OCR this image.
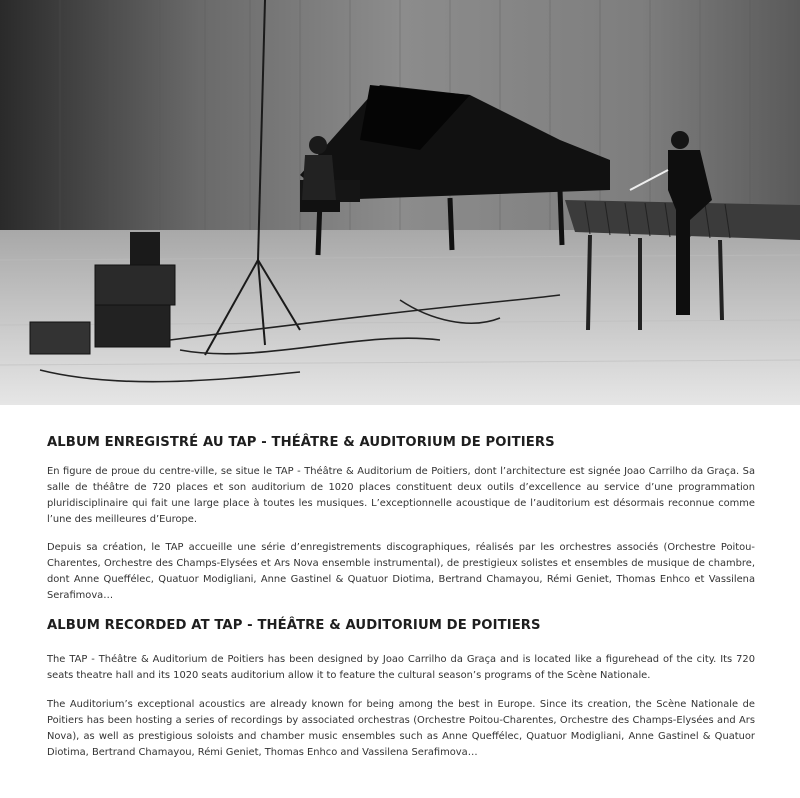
ALBUM ENREGISTRÉ AU TAP - THÉÂTRE & AUDITORIUM DE POITIERS

En figure de proue du centre-ville, se situe le TAP - Théâtre & Auditorium de Poitiers, dont l’architecture est signée Joao Carrilho da Graça. Sa salle de théâtre de 720 places et son auditorium de 1020 places constituent deux outils d’excellence au service d’une programmation pluridisciplinaire qui fait une large place à toutes les musiques. L’exceptionnelle acoustique de l’auditorium est désormais reconnue comme l’une des meilleures d’Europe.

Depuis sa création, le TAP accueille une série d’enregistrements discographiques, réalisés par les orchestres associés (Orchestre Poitou-Charentes, Orchestre des Champs-Elysées et Ars Nova ensemble instrumental), de prestigieux solistes et ensembles de musique de chambre, dont Anne Queffélec, Quatuor Modigliani, Anne Gastinel & Quatuor Diotima, Bertrand Chamayou, Rémi Geniet, Thomas Enhco et Vassilena Serafimova…

ALBUM RECORDED AT TAP - THÉÂTRE & AUDITORIUM DE POITIERS

The TAP - Théâtre & Auditorium de Poitiers has been designed by Joao Carrilho da Graça and is located like a figurehead of the city. Its 720 seats theatre hall and its 1020 seats auditorium allow it to feature the cultural season’s programs of the Scène Nationale.

The Auditorium’s exceptional acoustics are already known for being among the best in Europe. Since its creation, the Scène Nationale de Poitiers has been hosting a series of recordings by associated orchestras (Orchestre Poitou-Charentes, Orchestre des Champs-Elysées and Ars Nova), as well as prestigious soloists and chamber music ensembles such as Anne Queffélec, Quatuor Modigliani, Anne Gastinel & Quatuor Diotima, Bertrand Chamayou, Rémi Geniet, Thomas Enhco and Vassilena Serafimova…
